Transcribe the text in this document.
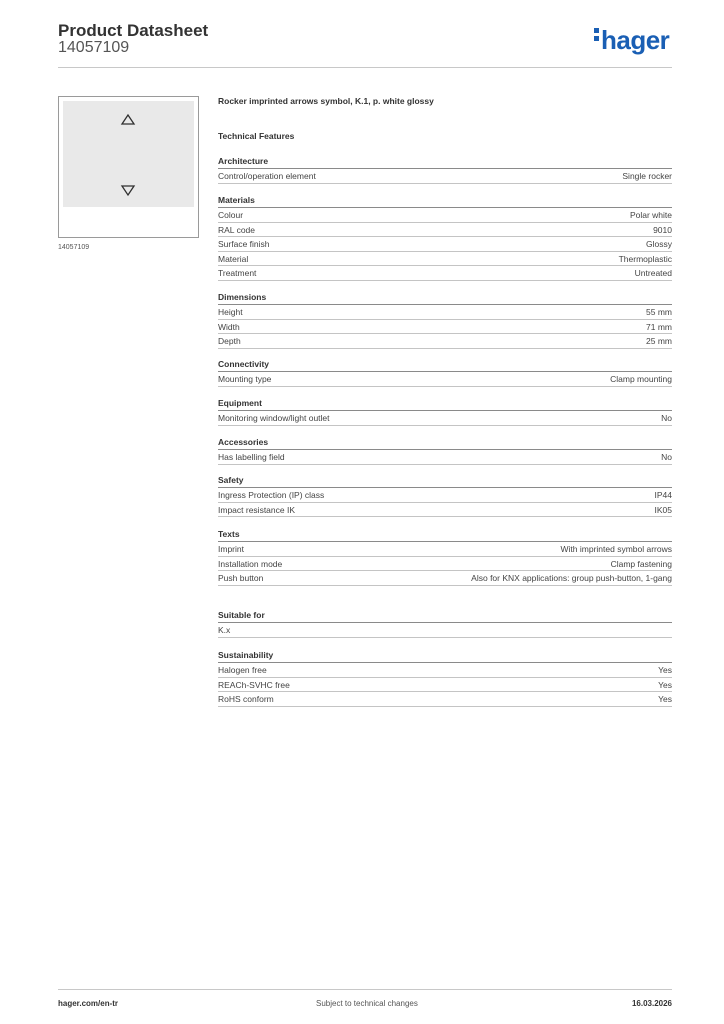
Product Datasheet
14057109	hager
14057109
Rocker imprinted arrows symbol, K.1, p. white glossy
Technical Features
Architecture
Control/operation element	Single rocker
Materials
Colour	Polar white
RAL code	9010
Surface finish	Glossy
Material	Thermoplastic
Treatment	Untreated
Dimensions
Height	55 mm
Width	71 mm
Depth	25 mm
Connectivity
Mounting type	Clamp mounting
Equipment
Monitoring window/light outlet	No
Accessories
Has labelling field	No
Safety
Ingress Protection (IP) class	IP44
Impact resistance IK	IK05
Texts
Imprint	With imprinted symbol arrows
Installation mode	Clamp fastening
Push button	Also for KNX applications: group push-button, 1-gang
Suitable for
K.x
Sustainability
Halogen free	Yes
REACh-SVHC free	Yes
RoHS conform	Yes
hager.com/en-tr	Subject to technical changes	16.03.2026
